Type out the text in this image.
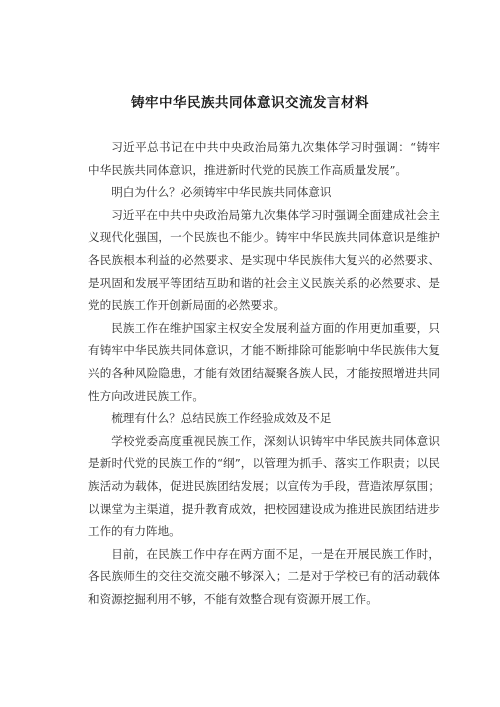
铸牢中华民族共同体意识交流发言材料

习近平总书记在中共中央政治局第九次集体学习时强调：“铸牢中华民族共同体意识，推进新时代党的民族工作高质量发展”。

明白为什么？必须铸牢中华民族共同体意识

习近平在中共中央政治局第九次集体学习时强调全面建成社会主义现代化强国，一个民族也不能少。铸牢中华民族共同体意识是维护各民族根本利益的必然要求、是实现中华民族伟大复兴的必然要求、是巩固和发展平等团结互助和谐的社会主义民族关系的必然要求、是党的民族工作开创新局面的必然要求。

民族工作在维护国家主权安全发展利益方面的作用更加重要，只有铸牢中华民族共同体意识，才能不断排除可能影响中华民族伟大复兴的各种风险隐患，才能有效团结凝聚各族人民，才能按照增进共同性方向改进民族工作。

梳理有什么？总结民族工作经验成效及不足

学校党委高度重视民族工作，深刻认识铸牢中华民族共同体意识是新时代党的民族工作的“纲”，以管理为抓手、落实工作职责；以民族活动为载体，促进民族团结发展；以宣传为手段，营造浓厚氛围；以课堂为主渠道，提升教育成效，把校园建设成为推进民族团结进步工作的有力阵地。

目前，在民族工作中存在两方面不足，一是在开展民族工作时，各民族师生的交往交流交融不够深入；二是对于学校已有的活动载体和资源挖掘利用不够，不能有效整合现有资源开展工作。
